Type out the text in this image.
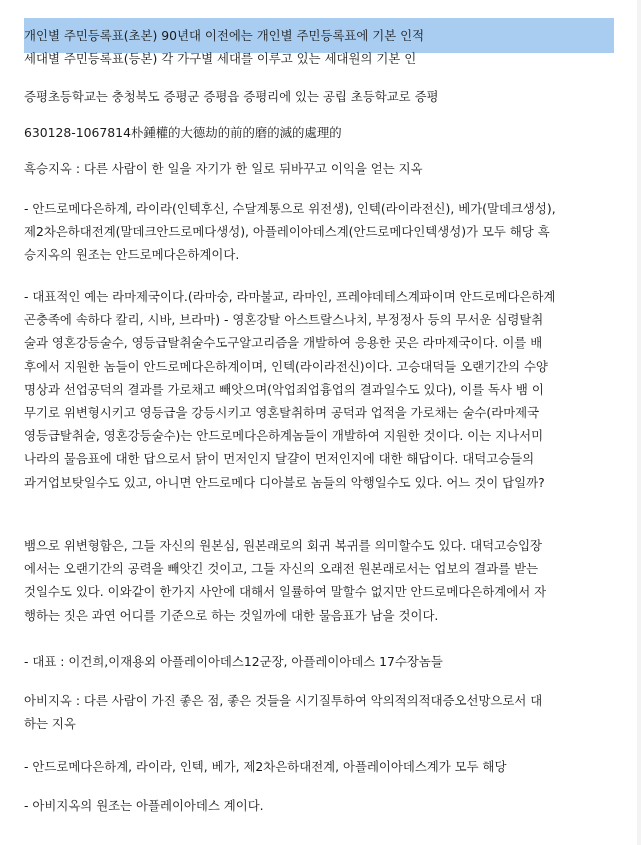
개인별 주민등록표(초본) 90년대 이전에는 개인별 주민등록표에 기본 인적

세대별 주민등록표(등본) 각 가구별 세대를 이루고 있는 세대원의 기본 인

증평초등학교는 충청북도 증평군 증평읍 증평리에 있는 공립 초등학교로 증평

630128-1067814朴鍾權的大德劫的前的磨的滅的處理的

흑승지옥 : 다른 사람이 한 일을 자기가 한 일로 뒤바꾸고 이익을 얻는 지옥

- 안드로메다은하계, 라이라(인텍후신, 수달계통으로 위전생), 인텍(라이라전신), 베가(말데크생성),
제2차은하대전계(말데크안드로메다생성), 아플레이아데스계(안드로메다인텍생성)가 모두 해당 흑
승지옥의 원조는 안드로메다은하계이다.

- 대표적인 예는 라마제국이다.(라마숭, 라마불교, 라마인, 프레야데테스계파이며 안드로메다은하계
곤충족에 속하다 칼리, 시바, 브라마) - 영혼강탈 아스트랄스나치, 부정정사 등의 무서운 심령탈취
술과 영혼강등술수, 영등급탈취술수도구알고리즘을 개발하여 응용한 곳은 라마제국이다. 이를 배
후에서 지원한 놈들이 안드로메다은하계이며, 인텍(라이라전신)이다. 고승대덕들 오랜기간의 수양
명상과 선업공덕의 결과를 가로채고 빼앗으며(악업죄업흉업의 결과일수도 있다), 이를 독사 뱀 이
무기로 위변형시키고 영등급을 강등시키고 영혼탈취하며 공덕과 업적을 가로채는 술수(라마제국
영등급탈취술, 영혼강등술수)는 안드로메다은하계놈들이 개발하여 지원한 것이다. 이는 지나서미
나라의 물음표에 대한 답으로서 닭이 먼저인지 달걀이 먼저인지에 대한 해답이다. 대덕고승들의
과거업보탓일수도 있고, 아니면 안드로메다 디아블로 놈들의 악행일수도 있다. 어느 것이 답일까?

뱀으로 위변형함은, 그들 자신의 원본심, 원본래로의 회귀 복귀를 의미할수도 있다. 대덕고승입장
에서는 오랜기간의 공력을 빼앗긴 것이고, 그들 자신의 오래전 원본래로서는 업보의 결과를 받는
것일수도 있다. 이와같이 한가지 사안에 대해서 일률하여 말할수 없지만 안드로메다은하계에서 자
행하는 짓은 과연 어디를 기준으로 하는 것일까에 대한 물음표가 남을 것이다.

- 대표 : 이건희,이재용외 아플레이아데스12군장, 아플레이아데스 17수장놈들

아비지옥 : 다른 사람이 가진 좋은 점, 좋은 것들을 시기질투하여 악의적의적대증오선망으로서 대
하는 지옥

- 안드로메다은하계, 라이라, 인텍, 베가, 제2차은하대전계, 아플레이아데스계가 모두 해당

- 아비지옥의 원조는 아플레이아데스 계이다.
